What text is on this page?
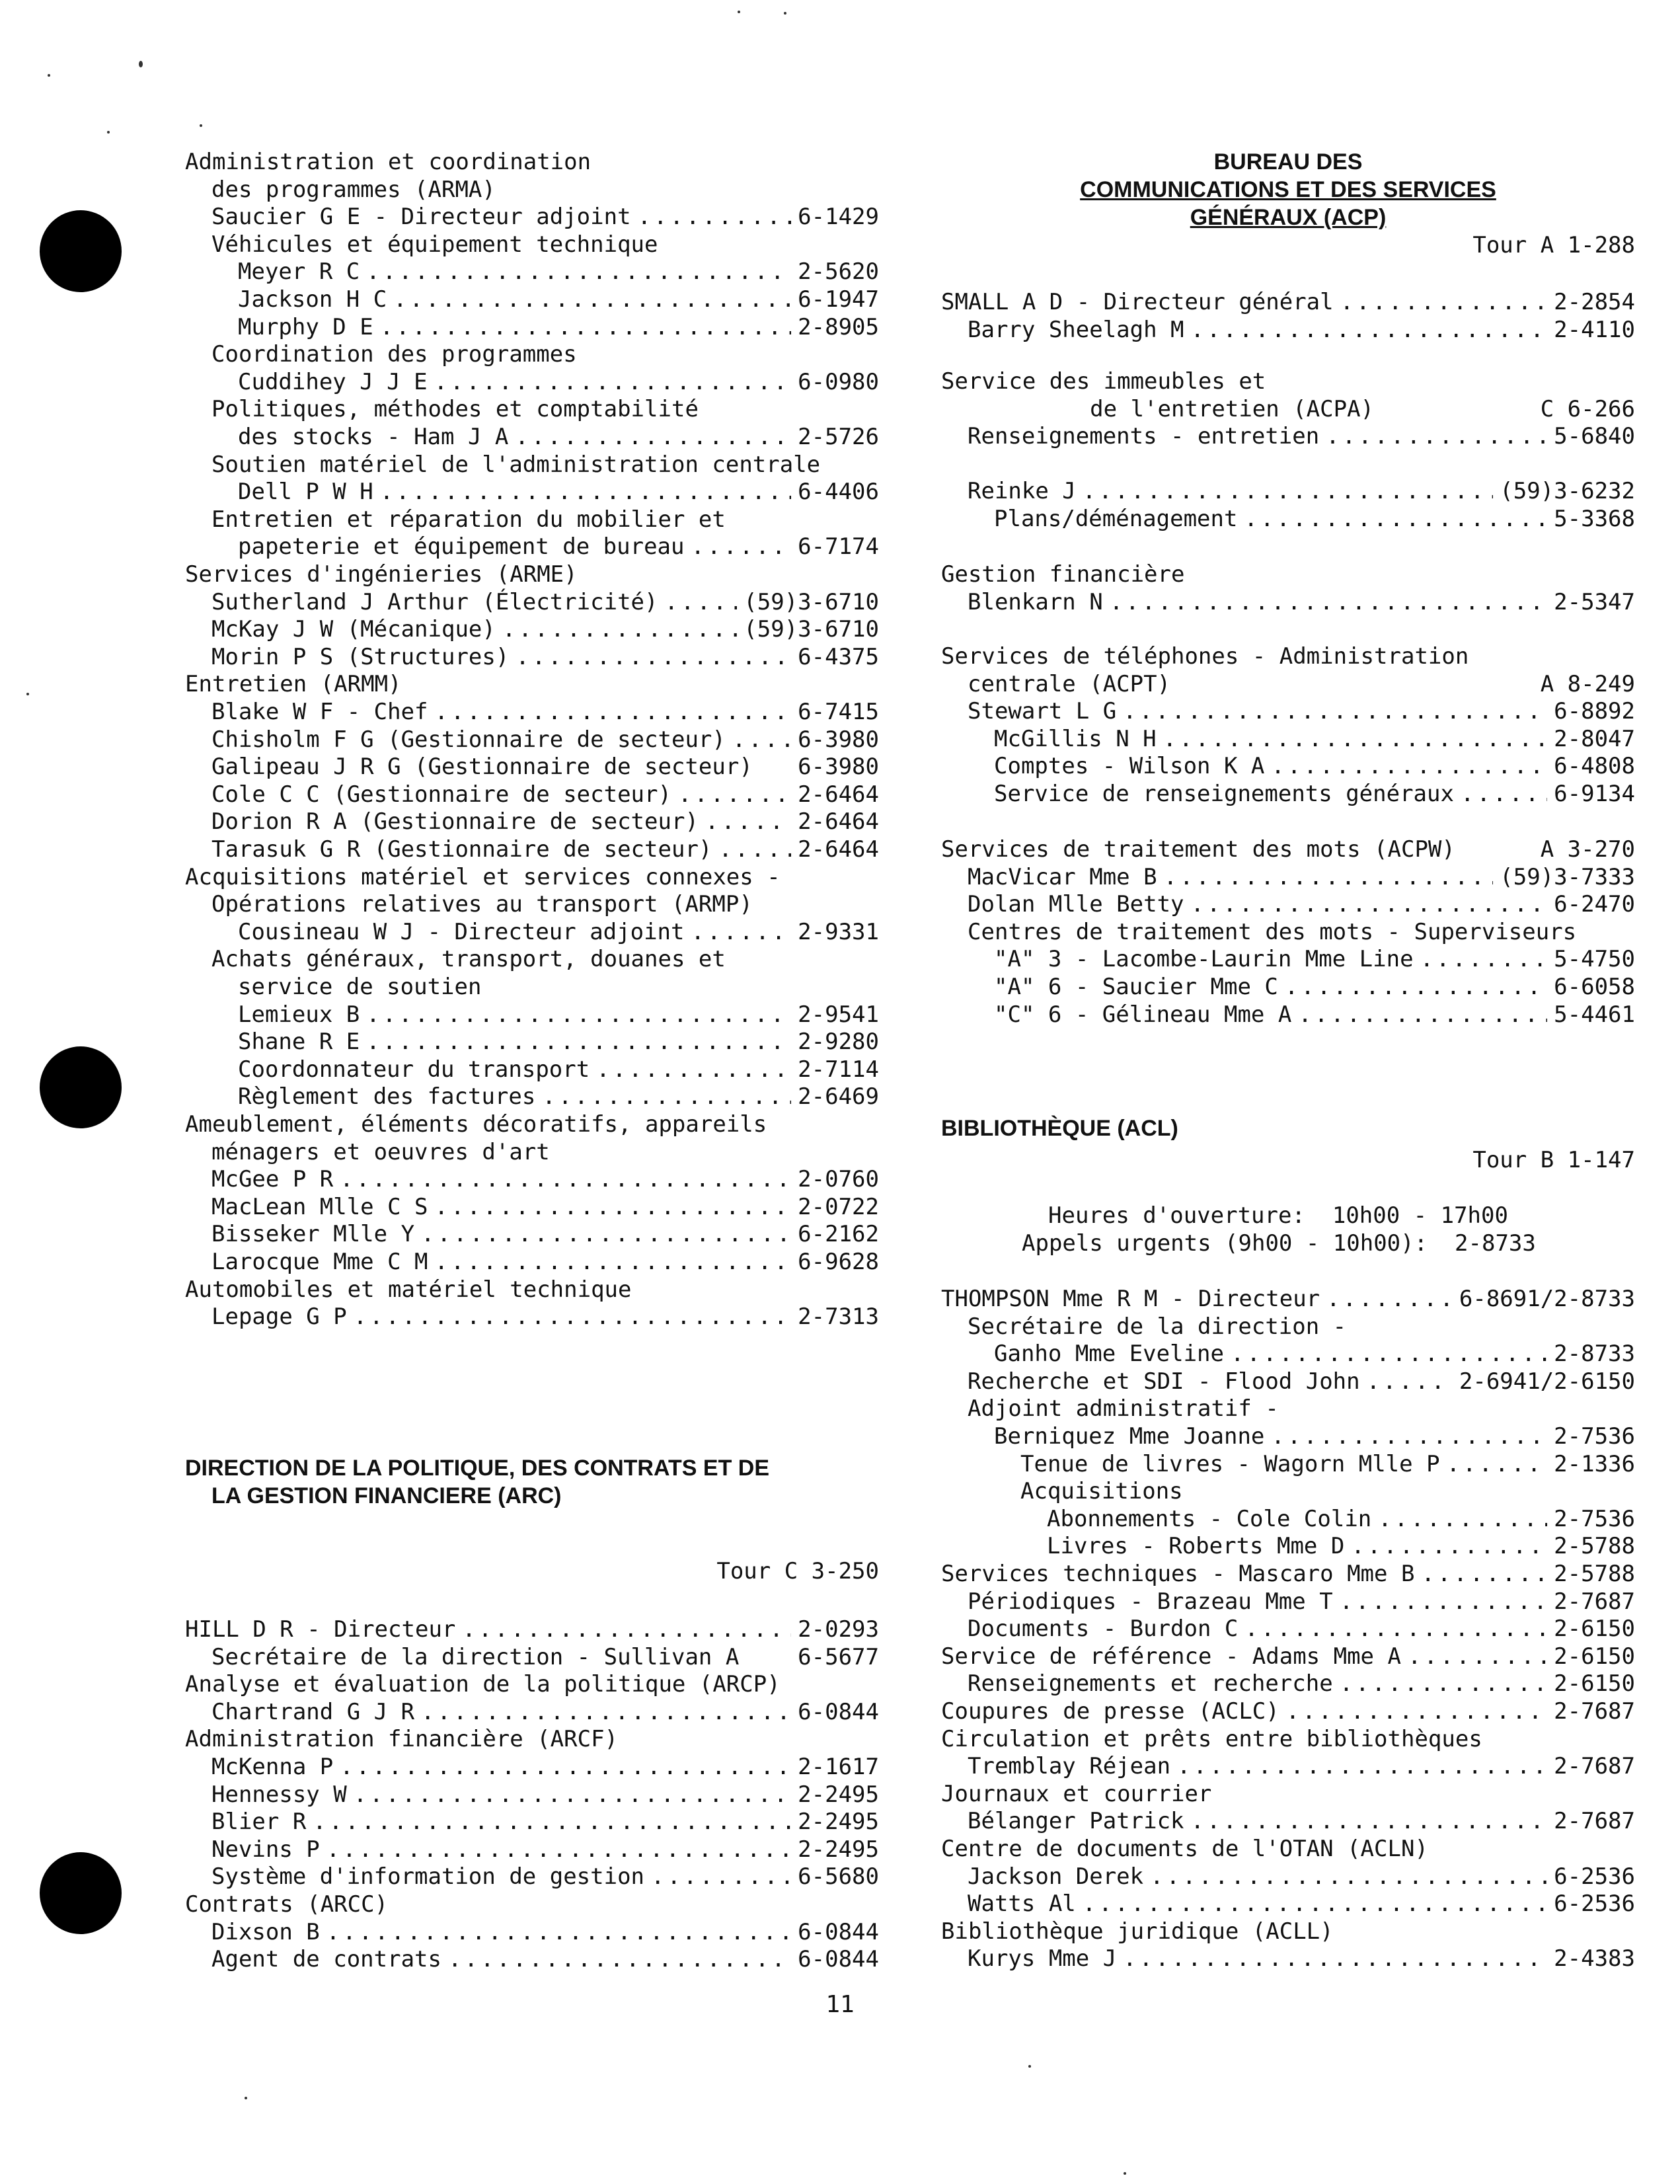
Administration et coordination
des programmes (ARMA)
Saucier G E - Directeur adjoint .....	6-1429
Véhicules et équipement technique
Meyer R C .....	2-5620
Jackson H C .....	6-1947
Murphy D E .....	2-8905
Coordination des programmes
Cuddihey J J E .....	6-0980
Politiques, méthodes et comptabilité
des stocks - Ham J A .....	2-5726
Soutien matériel de l'administration centrale
Dell P W H .....	6-4406
Entretien et réparation du mobilier et
papeterie et équipement de bureau .....	6-7174
Services d'ingénieries (ARME)
Sutherland J Arthur (Électricité) .....	(59)3-6710
McKay J W (Mécanique) .....	(59)3-6710
Morin P S (Structures) .....	6-4375
Entretien (ARMM)
Blake W F - Chef .....	6-7415
Chisholm F G (Gestionnaire de secteur) .....	6-3980
Galipeau J R G (Gestionnaire de secteur) 6-3980
Cole C C (Gestionnaire de secteur) .....	2-6464
Dorion R A (Gestionnaire de secteur) .....	2-6464
Tarasuk G R (Gestionnaire de secteur) .....	2-6464
Acquisitions matériel et services connexes -
Opérations relatives au transport (ARMP)
Cousineau W J - Directeur adjoint .....	2-9331
Achats généraux, transport, douanes et
service de soutien
Lemieux B .....	2-9541
Shane R E .....	2-9280
Coordonnateur du transport .....	2-7114
Règlement des factures .....	2-6469
Ameublement, éléments décoratifs, appareils
ménagers et oeuvres d'art
McGee P R .....	2-0760
MacLean Mlle C S .....	2-0722
Bisseker Mlle Y .....	6-2162
Larocque Mme C M .....	6-9628
Automobiles et matériel technique
Lepage G P .....	2-7313
DIRECTION DE LA POLITIQUE, DES CONTRATS ET DE
LA GESTION FINANCIERE (ARC)
Tour C 3-250
HILL D R - Directeur .....	2-0293
Secrétaire de la direction - Sullivan A	6-5677
Analyse et évaluation de la politique (ARCP)
Chartrand G J R .....	6-0844
Administration financière (ARCF)
McKenna P .....	2-1617
Hennessy W .....	2-2495
Blier R .....	2-2495
Nevins P .....	2-2495
Système d'information de gestion .....	6-5680
Contrats (ARCC)
Dixson B .....	6-0844
Agent de contrats .....	6-0844
BUREAU DES
COMMUNICATIONS ET DES SERVICES
GÉNÉRAUX (ACP)
Tour A 1-288
SMALL A D - Directeur général .....	2-2854
Barry Sheelagh M .....	2-4110
Service des immeubles et
de l'entretien (ACPA)	C 6-266
Renseignements - entretien .....	5-6840
Reinke J .....	(59)3-6232
Plans/déménagement .....	5-3368
Gestion financière
Blenkarn N .....	2-5347
Services de téléphones - Administration
centrale (ACPT)	A 8-249
Stewart L G .....	6-8892
McGillis N H .....	2-8047
Comptes - Wilson K A .....	6-4808
Service de renseignements généraux .....	6-9134
Services de traitement des mots (ACPW)	A 3-270
MacVicar Mme B .....	(59)3-7333
Dolan Mlle Betty .....	6-2470
Centres de traitement des mots - Superviseurs
"A" 3 - Lacombe-Laurin Mme Line .....	5-4750
"A" 6 - Saucier Mme C .....	6-6058
"C" 6 - Gélineau Mme A .....	5-4461
BIBLIOTHÈQUE (ACL)
Tour B 1-147
Heures d'ouverture:  10h00 - 17h00
Appels urgents (9h00 - 10h00):  2-8733
THOMPSON Mme R M - Directeur .....	6-8691/2-8733
Secrétaire de la direction -
Ganho Mme Eveline .....	2-8733
Recherche et SDI - Flood John .....	2-6941/2-6150
Adjoint administratif -
Berniquez Mme Joanne .....	2-7536
Tenue de livres - Wagorn Mlle P .....	2-1336
Acquisitions
Abonnements - Cole Colin .....	2-7536
Livres - Roberts Mme D .....	2-5788
Services techniques - Mascaro Mme B .....	2-5788
Périodiques - Brazeau Mme T .....	2-7687
Documents - Burdon C .....	2-6150
Service de référence - Adams Mme A .....	2-6150
Renseignements et recherche .....	2-6150
Coupures de presse (ACLC) .....	2-7687
Circulation et prêts entre bibliothèques
Tremblay Réjean .....	2-7687
Journaux et courrier
Bélanger Patrick .....	2-7687
Centre de documents de l'OTAN (ACLN)
Jackson Derek .....	6-2536
Watts Al .....	6-2536
Bibliothèque juridique (ACLL)
Kurys Mme J .....	2-4383
11
